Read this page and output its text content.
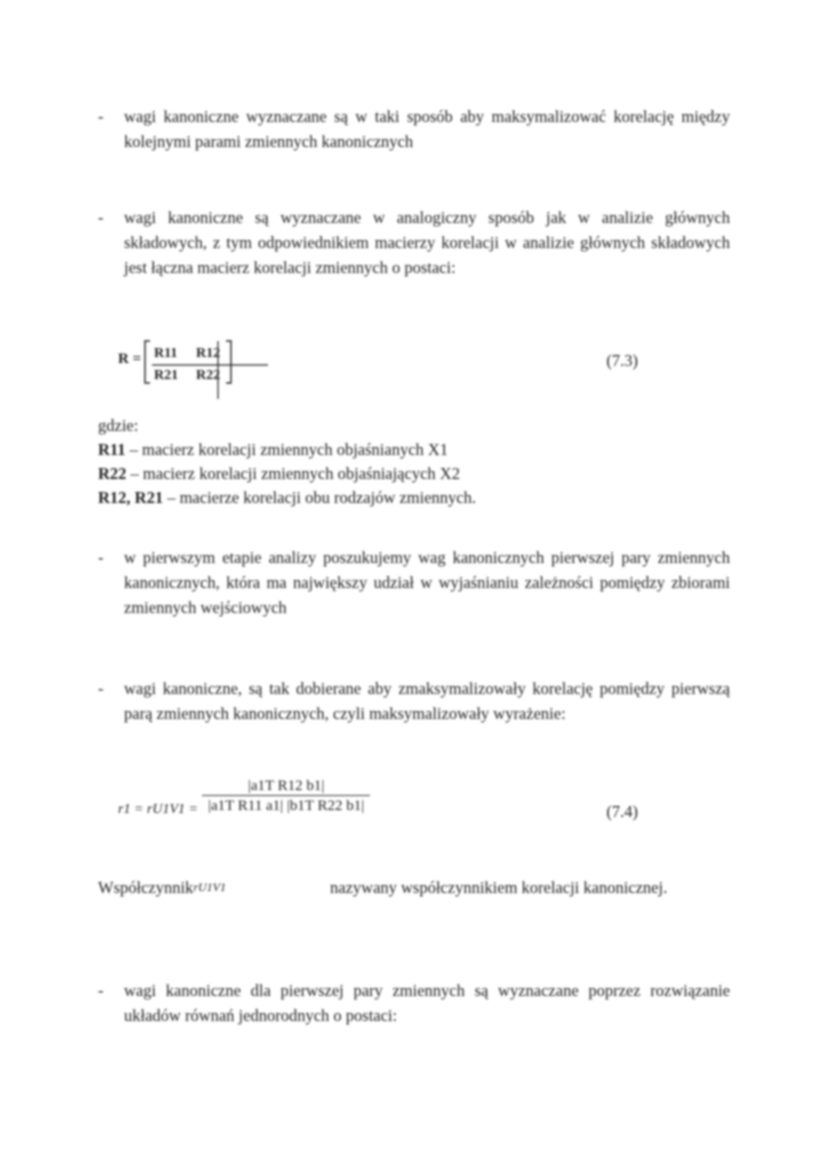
- wagi kanoniczne wyznaczane są w taki sposób aby maksymalizować korelację między kolejnymi parami zmiennych kanonicznych
- wagi kanoniczne są wyznaczane w analogiczny sposób jak w analizie głównych składowych, z tym odpowiednikiem macierzy korelacji w analizie głównych składowych jest łączna macierz korelacji zmiennych o postaci:
R = R11 R12
R21 R22
(7.3)
gdzie:
R11 – macierz korelacji zmiennych objaśnianych X1
R22 – macierz korelacji zmiennych objaśniających X2
R12, R21 – macierze korelacji obu rodzajów zmiennych.
- w pierwszym etapie analizy poszukujemy wag kanonicznych pierwszej pary zmiennych kanonicznych, która ma największy udział w wyjaśnianiu zależności pomiędzy zbiorami zmiennych wejściowych
- wagi kanoniczne, są tak dobierane aby zmaksymalizowały korelację pomiędzy pierwszą parą zmiennych kanonicznych, czyli maksymalizowały wyrażenie:
$r1 = rU1V1 = \frac{\text{|a1T R12 b1|}}{\text{|a1T R11 a1| |b1T R22 b1|}}$	(7.4)
Współczynnik rU1V1	nazywany współczynnikiem korelacji kanonicznej.
- wagi kanoniczne dla pierwszej pary zmiennych są wyznaczane poprzez rozwiązanie układów równań jednorodnych o postaci:
